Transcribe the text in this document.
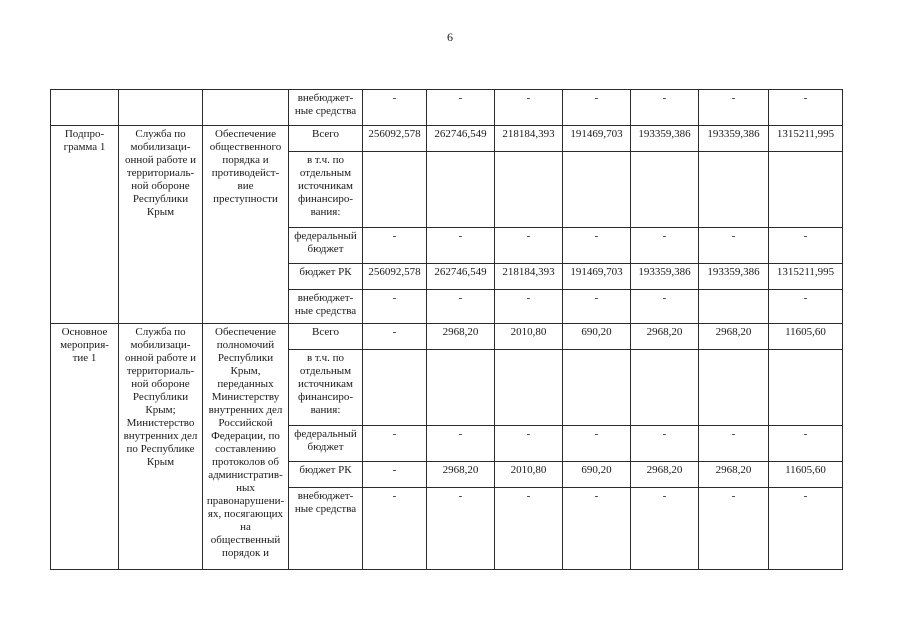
6
			внебюджет-ные средства	-	-	-	-	-	-	-
Подпро-грамма 1	Служба по мобилизаци-онной работе и территориаль-ной обороне Республики Крым	Обеспечение общественного порядка и противодейст-вие преступности	Всего	256092,578	262746,549	218184,393	191469,703	193359,386	193359,386	1315211,995
			в т.ч. по отдельным источникам финансиро-вания:							
			федеральный бюджет	-	-	-	-	-	-	-
			бюджет РК	256092,578	262746,549	218184,393	191469,703	193359,386	193359,386	1315211,995
			внебюджет-ные средства	-	-	-	-	-		-
Основное мероприя-тие 1	Служба по мобилизаци-онной работе и территориаль-ной обороне Республики Крым; Министерство внутренних дел по Республике Крым	Обеспечение полномочий Республики Крым, переданных Министерству внутренних дел Российской Федерации, по составлению протоколов об административ-ных правонарушени-ях, посягающих на общественный порядок и	Всего	-	2968,20	2010,80	690,20	2968,20	2968,20	11605,60
			в т.ч. по отдельным источникам финансиро-вания:							
			федеральный бюджет	-	-	-	-	-	-	-
			бюджет РК	-	2968,20	2010,80	690,20	2968,20	2968,20	11605,60
			внебюджет-ные средства	-	-	-	-	-	-	-
